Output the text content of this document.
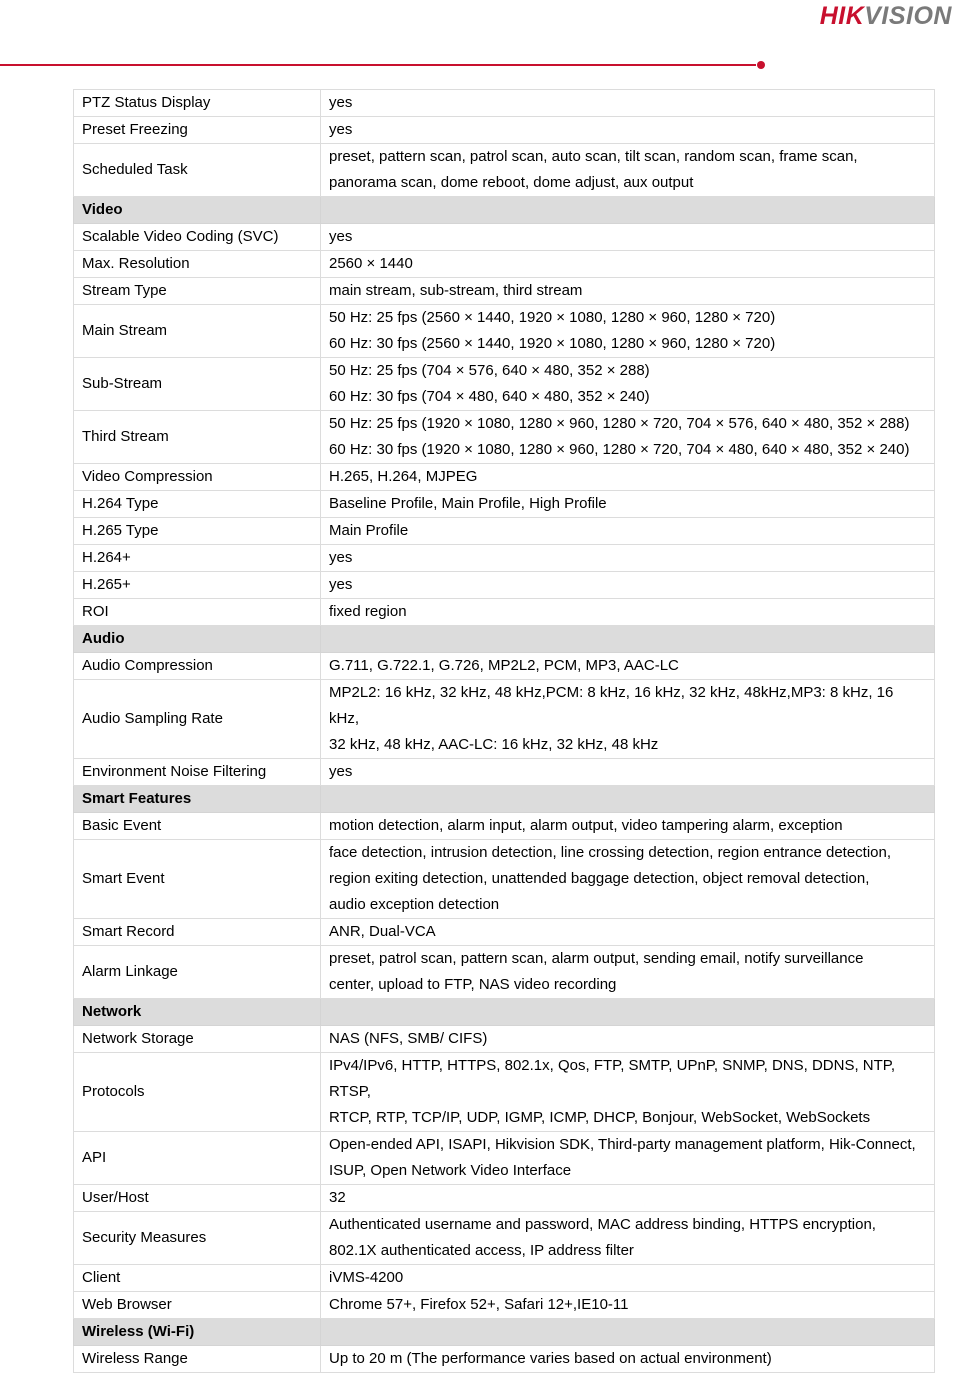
HIKVISION
PTZ Status Display	yes

Preset Freezing	yes

Scheduled Task	preset, pattern scan, patrol scan, auto scan, tilt scan, random scan, frame scan,
panorama scan, dome reboot, dome adjust, aux output

Video	
Scalable Video Coding (SVC)	yes

Max. Resolution	2560 × 1440

Stream Type	main stream, sub-stream, third stream

Main Stream	50 Hz: 25 fps (2560 × 1440, 1920 × 1080, 1280 × 960, 1280 × 720)
60 Hz: 30 fps (2560 × 1440, 1920 × 1080, 1280 × 960, 1280 × 720)

Sub-Stream	50 Hz: 25 fps (704 × 576, 640 × 480, 352 × 288)
60 Hz: 30 fps (704 × 480, 640 × 480, 352 × 240)

Third Stream	50 Hz: 25 fps (1920 × 1080, 1280 × 960, 1280 × 720, 704 × 576, 640 × 480, 352 × 288)
60 Hz: 30 fps (1920 × 1080, 1280 × 960, 1280 × 720, 704 × 480, 640 × 480, 352 × 240)

Video Compression	H.265, H.264, MJPEG

H.264 Type	Baseline Profile, Main Profile, High Profile

H.265 Type	Main Profile

H.264+	yes

H.265+	yes

ROI	fixed region

Audio	
Audio Compression	G.711, G.722.1, G.726, MP2L2, PCM, MP3, AAC-LC

Audio Sampling Rate	MP2L2: 16 kHz, 32 kHz, 48 kHz,PCM: 8 kHz, 16 kHz, 32 kHz, 48kHz,MP3: 8 kHz, 16 kHz,
32 kHz, 48 kHz, AAC-LC: 16 kHz, 32 kHz, 48 kHz

Environment Noise Filtering	yes

Smart Features	
Basic Event	motion detection, alarm input, alarm output, video tampering alarm, exception

Smart Event	face detection, intrusion detection, line crossing detection, region entrance detection,
region exiting detection, unattended baggage detection, object removal detection,
audio exception detection

Smart Record	ANR, Dual-VCA

Alarm Linkage	preset, patrol scan, pattern scan, alarm output, sending email, notify surveillance
center, upload to FTP, NAS video recording

Network	
Network Storage	NAS (NFS, SMB/ CIFS)

Protocols	IPv4/IPv6, HTTP, HTTPS, 802.1x, Qos, FTP, SMTP, UPnP, SNMP, DNS, DDNS, NTP, RTSP,
RTCP, RTP, TCP/IP, UDP, IGMP, ICMP, DHCP, Bonjour, WebSocket, WebSockets

API	Open-ended API, ISAPI, Hikvision SDK, Third-party management platform, Hik-Connect,
ISUP, Open Network Video Interface

User/Host	32

Security Measures	Authenticated username and password, MAC address binding, HTTPS encryption,
802.1X authenticated access, IP address filter

Client	iVMS-4200

Web Browser	Chrome 57+, Firefox 52+, Safari 12+,IE10-11

Wireless (Wi-Fi)	
Wireless Range	Up to 20 m (The performance varies based on actual environment)
